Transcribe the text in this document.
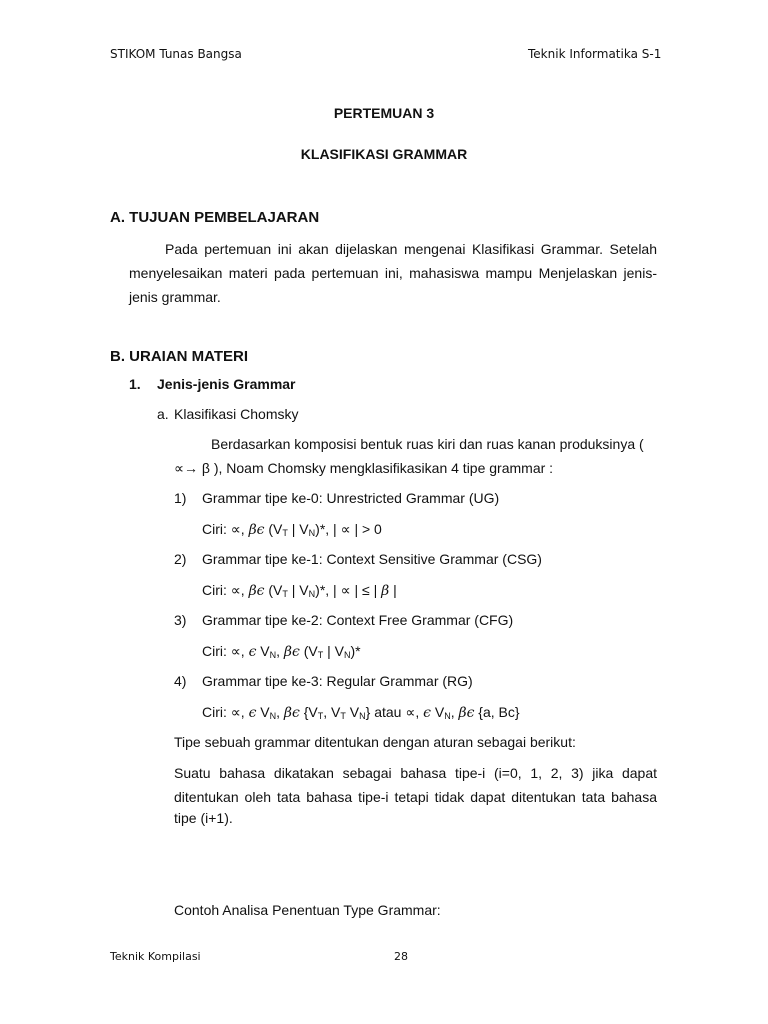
STIKOM Tunas Bangsa	Teknik Informatika S-1
PERTEMUAN 3
KLASIFIKASI GRAMMAR
A. TUJUAN PEMBELAJARAN
Pada pertemuan ini akan dijelaskan mengenai Klasifikasi Grammar. Setelah
menyelesaikan materi pada pertemuan ini, mahasiswa mampu Menjelaskan jenis-
jenis grammar.
B. URAIAN MATERI
1. Jenis-jenis Grammar
a. Klasifikasi Chomsky
Berdasarkan komposisi bentuk ruas kiri dan ruas kanan produksinya (
∝→ β ), Noam Chomsky mengklasifikasikan 4 tipe grammar :
1) Grammar tipe ke-0: Unrestricted Grammar (UG)
Ciri: ∝, βϵ ($V_T$ | $V_N)*$, | ∝ | > 0
2) Grammar tipe ke-1: Context Sensitive Grammar (CSG)
Ciri: ∝, βϵ ($V_T$ | $V_N)*$, | ∝ | ≤ | β |
3) Grammar tipe ke-2: Context Free Grammar (CFG)
Ciri: ∝, ϵ $V_N$, βϵ ($V_T$ | $V_N)*$
4) Grammar tipe ke-3: Regular Grammar (RG)
Ciri: ∝, ϵ $V_N$, βϵ {$V_T$, $V_T$ $V_N$} atau ∝, ϵ $V_N$, βϵ {a, Bc}
Tipe sebuah grammar ditentukan dengan aturan sebagai berikut:
Suatu bahasa dikatakan sebagai bahasa tipe-i (i=0, 1, 2, 3) jika dapat
ditentukan oleh tata bahasa tipe-i tetapi tidak dapat ditentukan tata bahasa
tipe (i+1).
Contoh Analisa Penentuan Type Grammar:
Teknik Kompilasi	28
